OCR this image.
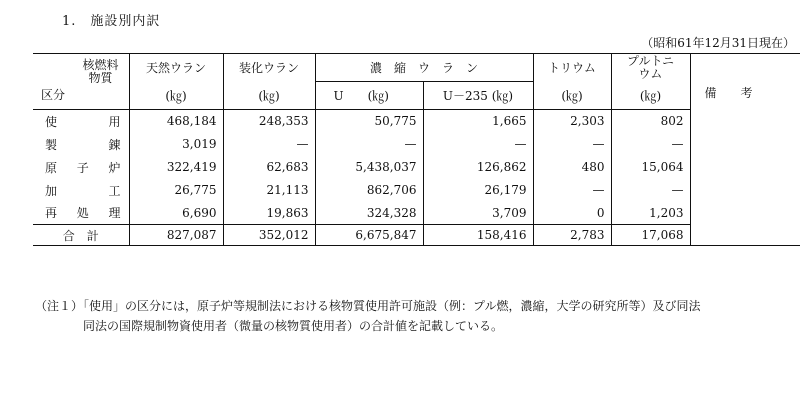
1.　施設別内訳
（昭和61年12月31日現在）
核燃料
物質
区分	天然ウラン	装化ウラン	濃　縮　ウ　ラ　ン		トリウム	プルトニウム	備　　考

	(㎏)	(㎏)	U　　(㎏)	U－235 (㎏)	(㎏)	(㎏)	
使　用	468,184	248,353	50,775	1,665	2,303	802	
製　錬	3,019	—	—	—	—	—	
原子炉	322,419	62,683	5,438,037	126,862	480	15,064	
加　工	26,775	21,113	862,706	26,179	—	—	
再処理	6,690	19,863	324,328	3,709	0	1,203	
合　計	827,087	352,012	6,675,847	158,416	2,783	17,068	
（注１）「使用」の区分には，原子炉等規制法における核物質使用許可施設（例：プル燃，濃縮，大学の研究所等）及び同法
同法の国際規制物資使用者（微量の核物質使用者）の合計値を記載している。
